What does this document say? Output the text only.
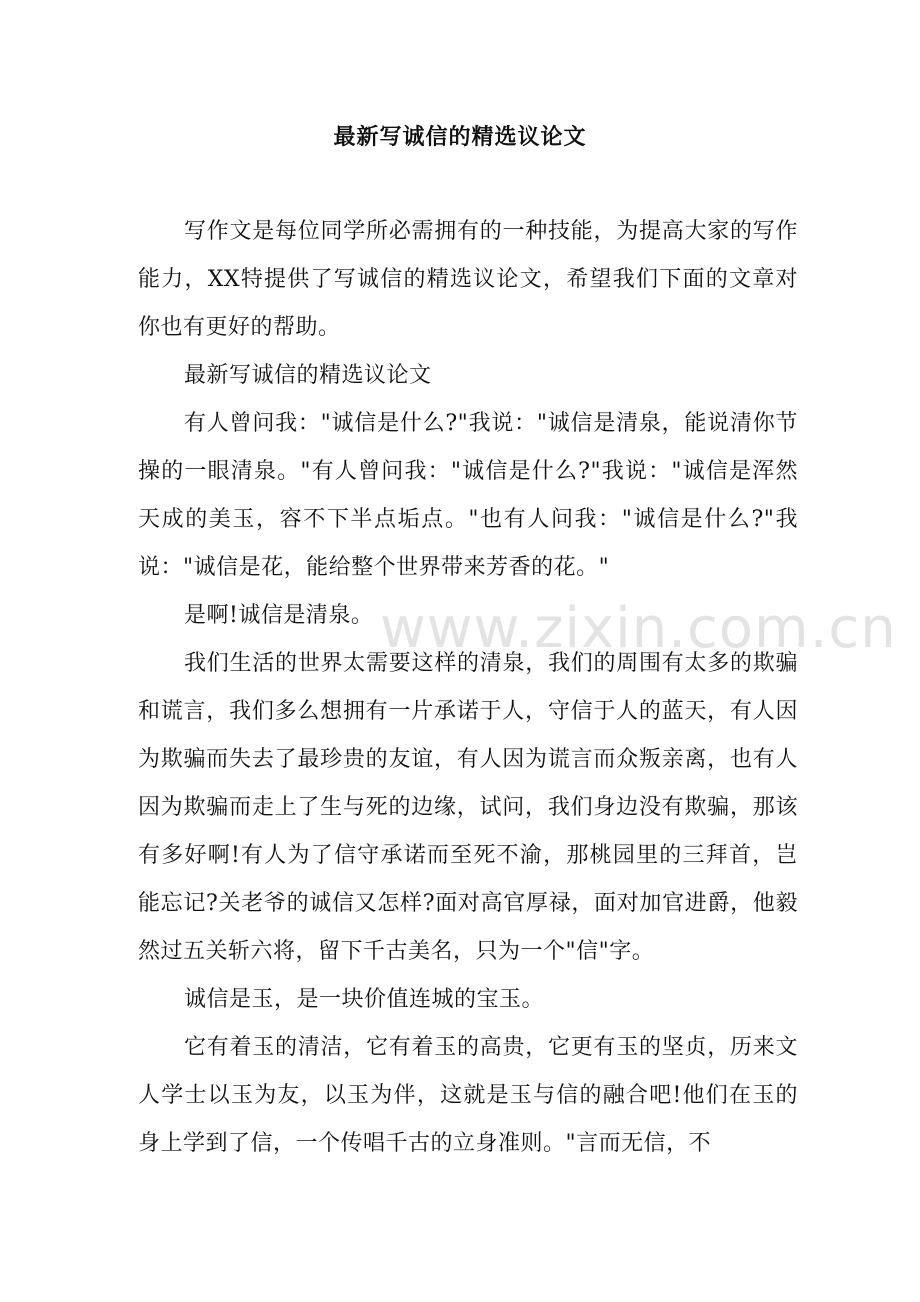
www.zixin.com.cn
最新写诚信的精选议论文

写作文是每位同学所必需拥有的一种技能，为提高大家的写作能力，XX特提供了写诚信的精选议论文，希望我们下面的文章对你也有更好的帮助。

最新写诚信的精选议论文

有人曾问我："诚信是什么?"我说："诚信是清泉，能说清你节操的一眼清泉。"有人曾问我："诚信是什么?"我说："诚信是浑然天成的美玉，容不下半点垢点。"也有人问我："诚信是什么?"我说："诚信是花，能给整个世界带来芳香的花。"

是啊!诚信是清泉。

我们生活的世界太需要这样的清泉，我们的周围有太多的欺骗和谎言，我们多么想拥有一片承诺于人，守信于人的蓝天，有人因为欺骗而失去了最珍贵的友谊，有人因为谎言而众叛亲离，也有人因为欺骗而走上了生与死的边缘，试问，我们身边没有欺骗，那该有多好啊!有人为了信守承诺而至死不渝，那桃园里的三拜首，岂能忘记?关老爷的诚信又怎样?面对高官厚禄，面对加官进爵，他毅然过五关斩六将，留下千古美名，只为一个"信"字。

诚信是玉，是一块价值连城的宝玉。

它有着玉的清洁，它有着玉的高贵，它更有玉的坚贞，历来文人学士以玉为友，以玉为伴，这就是玉与信的融合吧!他们在玉的身上学到了信，一个传唱千古的立身准则。"言而无信，不
